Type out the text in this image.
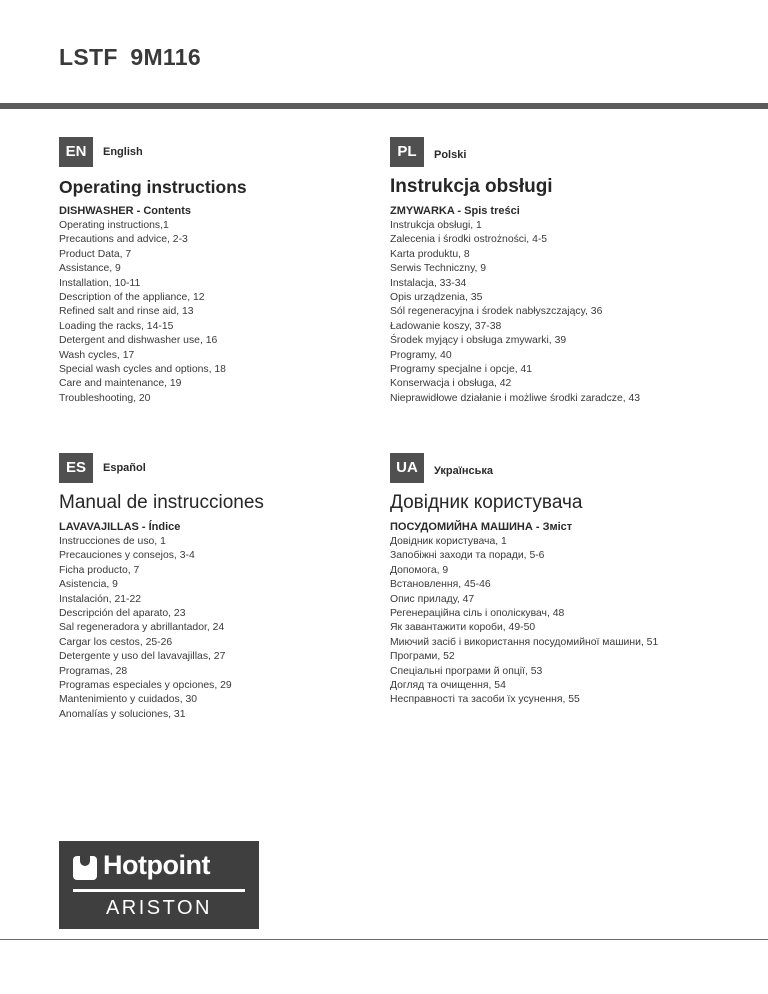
LSTF 9M116
EN	English
Operating instructions
DISHWASHER - Contents
Operating instructions,1
Precautions and advice, 2-3
Product Data, 7
Assistance, 9
Installation, 10-11
Description of the appliance, 12
Refined salt and rinse aid, 13
Loading the racks, 14-15
Detergent and dishwasher use, 16
Wash cycles, 17
Special wash cycles and options, 18
Care and maintenance, 19
Troubleshooting, 20
PL	Polski
Instrukcja obsługi
ZMYWARKA - Spis treści
Instrukcja obsługi, 1
Zalecenia i środki ostrożności, 4-5
Karta produktu, 8
Serwis Techniczny, 9
Instalacja, 33-34
Opis urządzenia, 35
Sól regeneracyjna i środek nabłyszczający, 36
Ładowanie koszy, 37-38
Środek myjący i obsługa zmywarki, 39
Programy, 40
Programy specjalne i opcje, 41
Konserwacja i obsługa, 42
Nieprawidłowe działanie i możliwe środki zaradcze, 43
ES	Español
Manual de instrucciones
LAVAVAJILLAS - Índice
Instrucciones de uso, 1
Precauciones y consejos, 3-4
Ficha producto, 7
Asistencia, 9
Instalación, 21-22
Descripción del aparato, 23
Sal regeneradora y abrillantador, 24
Cargar los cestos, 25-26
Detergente y uso del lavavajillas, 27
Programas, 28
Programas especiales y opciones, 29
Mantenimiento y cuidados, 30
Anomalías y soluciones, 31
UA	Українська
Довідник користувача
ПОСУДОМИЙНА МАШИНА - Зміст
Довідник користувача, 1
Запобіжні заходи та поради, 5-6
Допомога, 9
Встановлення, 45-46
Опис приладу, 47
Регенераційна сіль і ополіскувач, 48
Як завантажити короби, 49-50
Миючий засіб і використання посудомийної машини, 51
Програми, 52
Спеціальні програми й опції, 53
Догляд та очищення, 54
Несправності та засоби їх усунення, 55
Hotpoint
ARISTON
